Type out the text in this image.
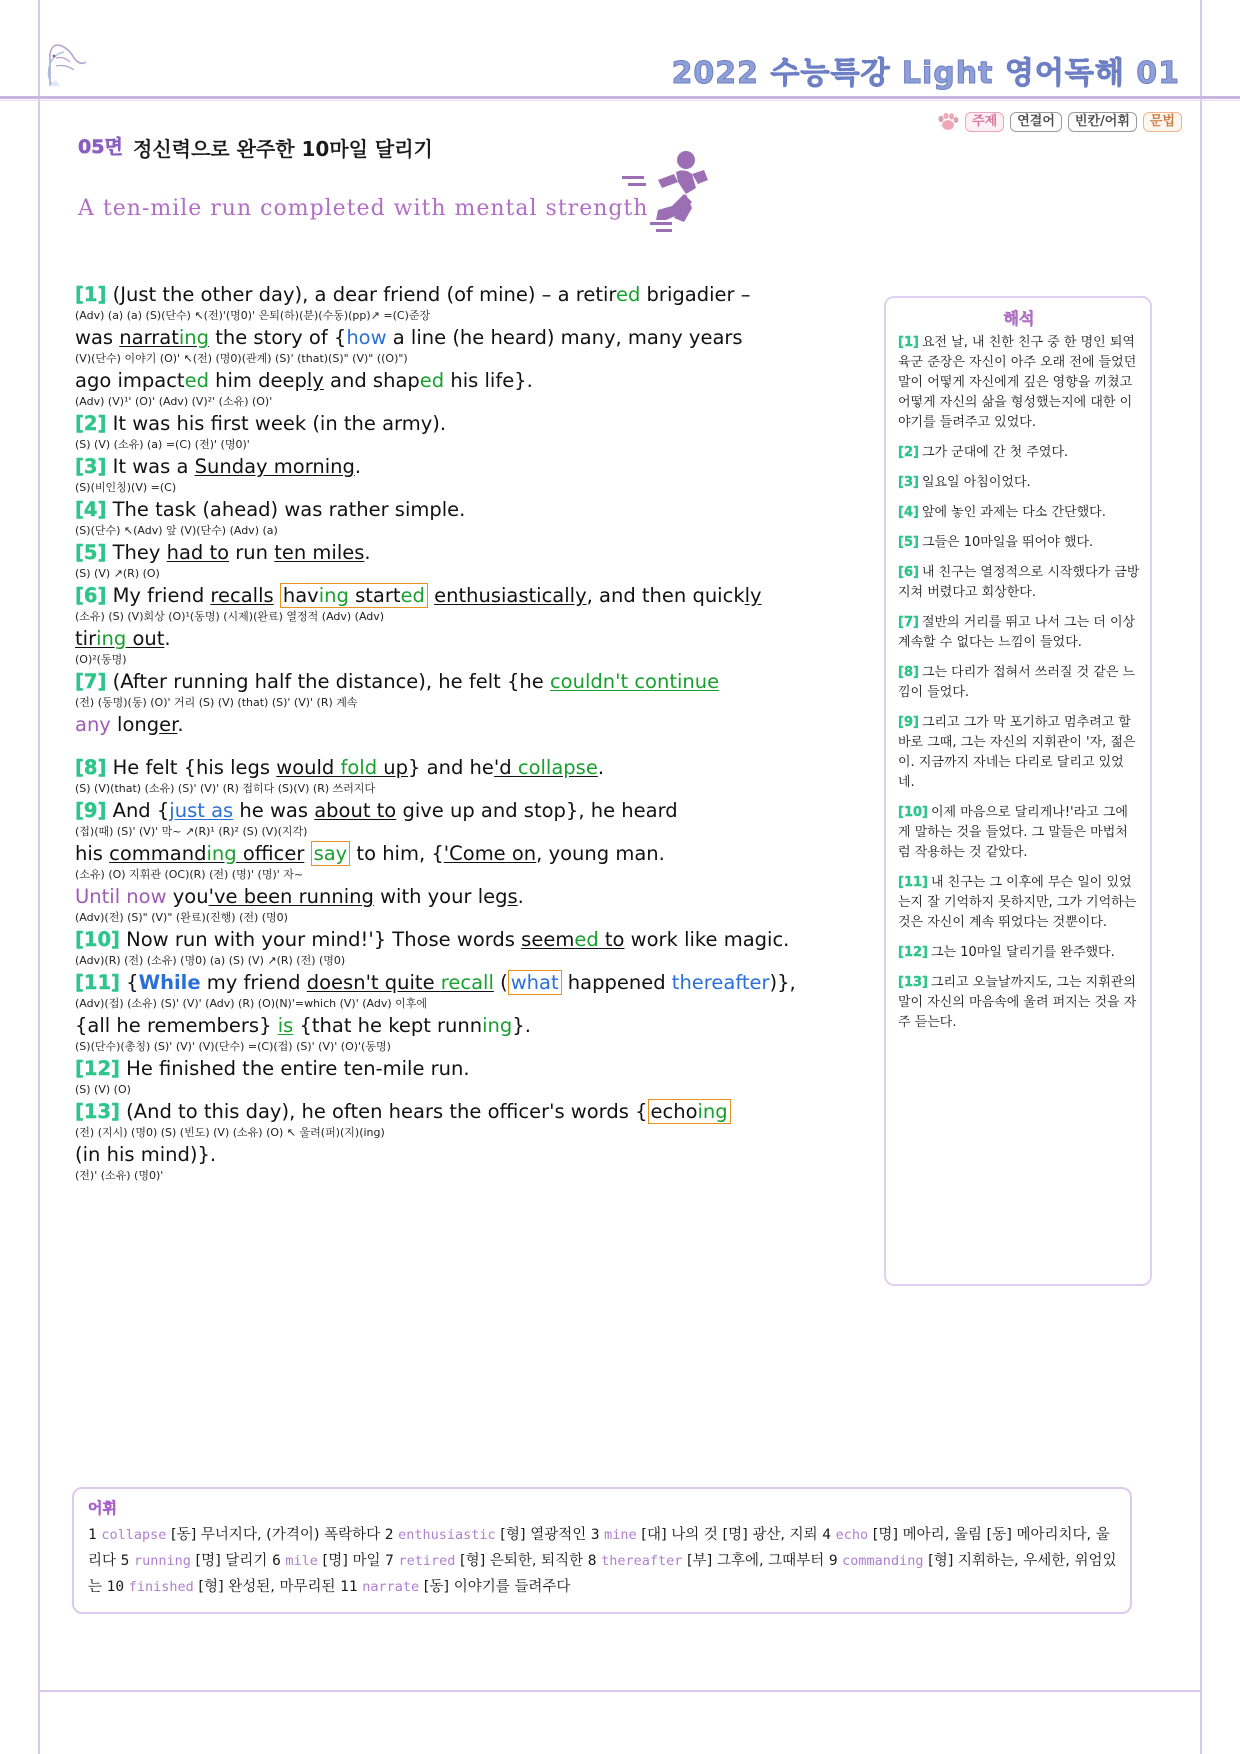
2022 수능특강 Light 영어독해 01
주제	연결어	빈칸/어휘	문법
05면 정신력으로 완주한 10마일 달리기
A ten-mile run completed with mental strength
[1] (Just the other day), a dear friend (of mine) – a retired brigadier –
(Adv) (a) (a) (S)(단수) ↖(전)'(명0)' 은퇴(하)(분)(수동)(pp)↗ =(C)준장
was narrating the story of {how a line (he heard) many, many years
(V)(단수) 이야기 (O)' ↖(전) (명0)(관계) (S)' (that)(S)" (V)" ((O)")
ago impacted him deeply and shaped his life}.
(Adv) (V)¹' (O)' (Adv) (V)²' (소유) (O)'
[2] It was his first week (in the army).
(S) (V) (소유) (a) =(C) (전)' (명0)'
[3] It was a Sunday morning.
(S)(비인칭)(V) =(C)
[4] The task (ahead) was rather simple.
(S)(단수) ↖(Adv) 앞 (V)(단수) (Adv) (a)
[5] They had to run ten miles.
(S) (V) ↗(R) (O)
[6] My friend recalls having started enthusiastically, and then quickly
(소유) (S) (V)회상 (O)¹(동명) (시제)(완료) 열정적 (Adv) (Adv)
tiring out.
(O)²(동명)
[7] (After running half the distance), he felt {he couldn't continue
(전) (동명)(동) (O)' 거리 (S) (V) (that) (S)' (V)' (R) 계속
any longer.
[8] He felt {his legs would fold up} and he'd collapse.
(S) (V)(that) (소유) (S)' (V)' (R) 접히다 (S)(V) (R) 쓰러지다
[9] And {just as he was about to give up and stop}, he heard
(접)(때) (S)' (V)' 막~ ↗(R)¹ (R)² (S) (V)(지각)
his commanding officer say to him, {'Come on, young man.
(소유) (O) 지휘관 (OC)(R) (전) (명)' (명)' 자~
Until now you've been running with your legs.
(Adv)(전) (S)" (V)" (완료)(진행) (전) (명0)
[10] Now run with your mind!'} Those words seemed to work like magic.
(Adv)(R) (전) (소유) (명0) (a) (S) (V) ↗(R) (전) (명0)
[11] {While my friend doesn't quite recall ( what happened thereafter)},
(Adv)(접) (소유) (S)' (V)' (Adv) (R) (O)(N)'=which (V)' (Adv) 이후에
{all he remembers} is {that he kept running}.
(S)(단수)(총칭) (S)' (V)' (V)(단수) =(C)(접) (S)' (V)' (O)'(동명)
[12] He finished the entire ten-mile run.
(S) (V) (O)
[13] (And to this day), he often hears the officer's words { echoing
(전) (지시) (명0) (S) (빈도) (V) (소유) (O) ↖ 울려(퍼)(지)(ing)
(in his mind)}.
(전)' (소유) (명0)'
해석
[1] 요전 날, 내 친한 친구 중 한 명인 퇴역 육군 준장은 자신이 아주 오래 전에 들었던 말이 어떻게 자신에게 깊은 영향을 끼쳤고 어떻게 자신의 삶을 형성했는지에 대한 이야기를 들려주고 있었다.
[2] 그가 군대에 간 첫 주였다.
[3] 일요일 아침이었다.
[4] 앞에 놓인 과제는 다소 간단했다.
[5] 그들은 10마일을 뛰어야 했다.
[6] 내 친구는 열정적으로 시작했다가 금방 지쳐 버렸다고 회상한다.
[7] 절반의 거리를 뛰고 나서 그는 더 이상 계속할 수 없다는 느낌이 들었다.
[8] 그는 다리가 접혀서 쓰러질 것 같은 느낌이 들었다.
[9] 그리고 그가 막 포기하고 멈추려고 할 바로 그때, 그는 자신의 지휘관이 '자, 젊은이. 지금까지 자네는 다리로 달리고 있었네.
[10] 이제 마음으로 달리게나!'라고 그에게 말하는 것을 들었다. 그 말들은 마법처럼 작용하는 것 같았다.
[11] 내 친구는 그 이후에 무슨 일이 있었는지 잘 기억하지 못하지만, 그가 기억하는 것은 자신이 계속 뛰었다는 것뿐이다.
[12] 그는 10마일 달리기를 완주했다.
[13] 그리고 오늘날까지도, 그는 지휘관의 말이 자신의 마음속에 울려 퍼지는 것을 자주 듣는다.
어휘
1 collapse [동] 무너지다, (가격이) 폭락하다 2 enthusiastic [형] 열광적인 3 mine [대] 나의 것 [명] 광산, 지뢰 4 echo [명] 메아리, 울림 [동] 메아리치다, 울리다 5 running [명] 달리기 6 mile [명] 마일 7 retired [형] 은퇴한, 퇴직한 8 thereafter [부] 그후에, 그때부터 9 commanding [형] 지휘하는, 우세한, 위엄있는 10 finished [형] 완성된, 마무리된 11 narrate [동] 이야기를 들려주다
